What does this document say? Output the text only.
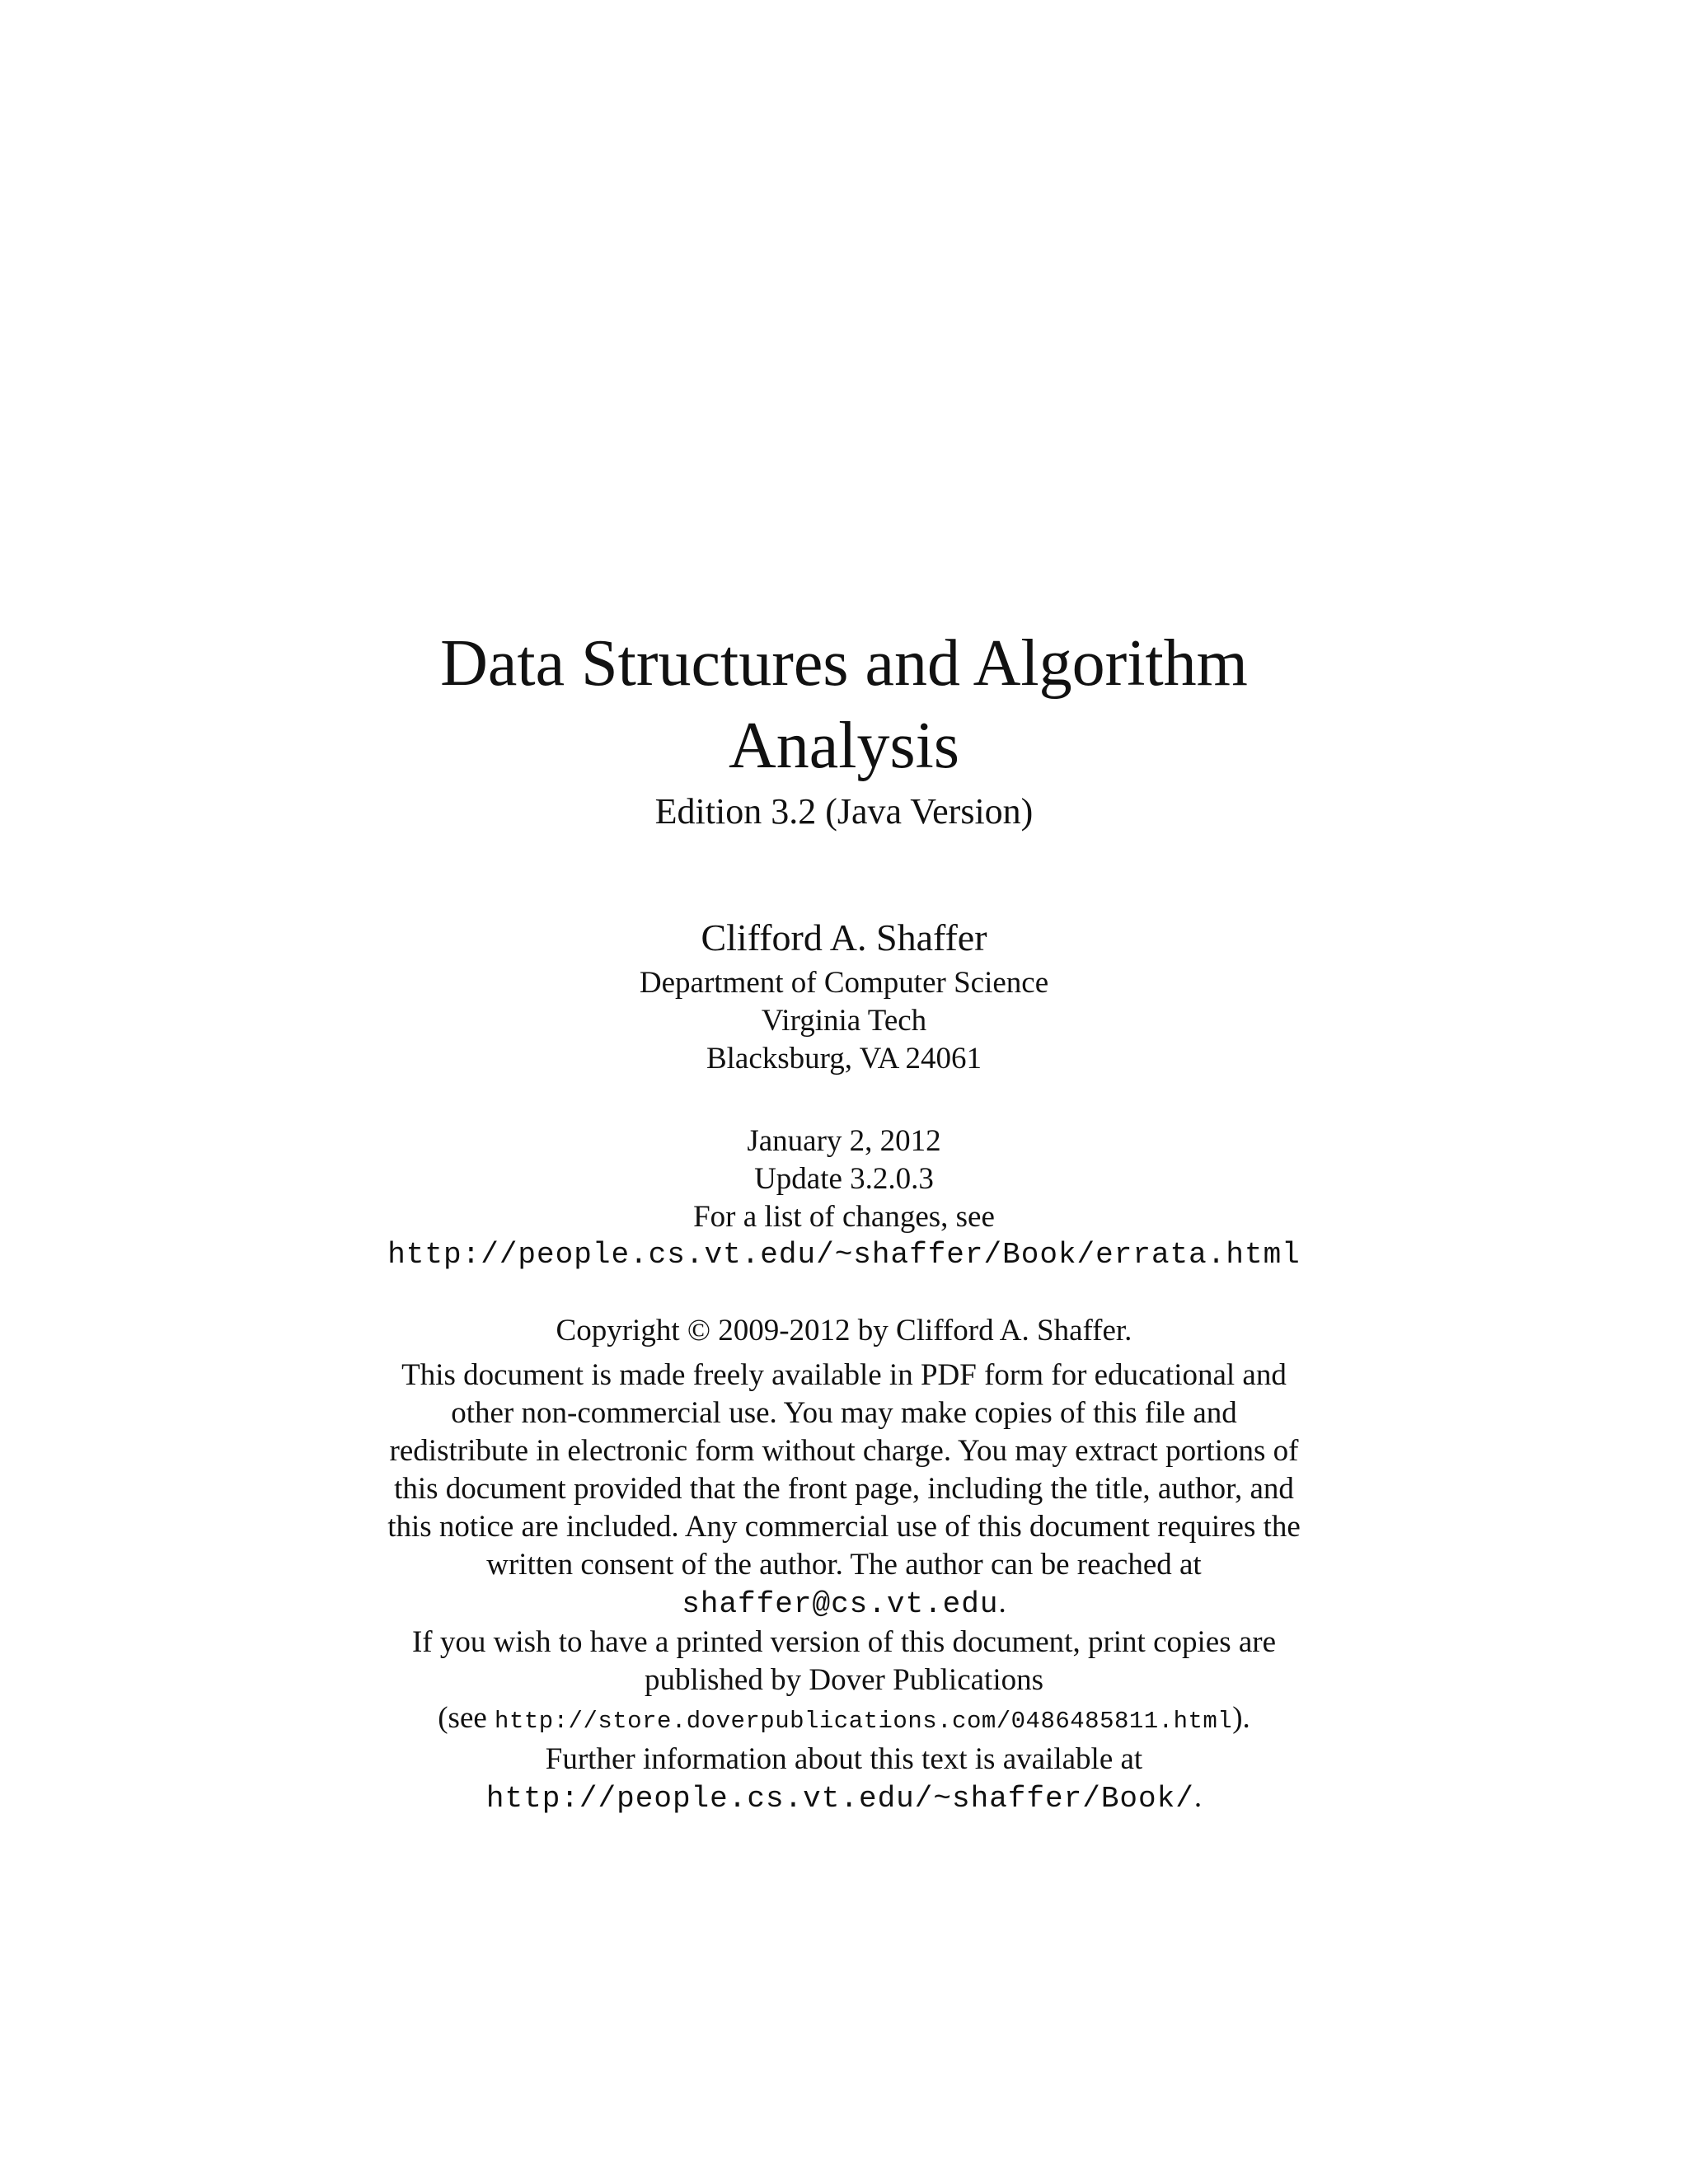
Data Structures and Algorithm
Analysis
Edition 3.2 (Java Version)
Clifford A. Shaffer
Department of Computer Science
Virginia Tech
Blacksburg, VA 24061
January 2, 2012
Update 3.2.0.3
For a list of changes, see
http://people.cs.vt.edu/~shaffer/Book/errata.html
Copyright © 2009-2012 by Clifford A. Shaffer.
This document is made freely available in PDF form for educational and
other non-commercial use. You may make copies of this file and
redistribute in electronic form without charge. You may extract portions of
this document provided that the front page, including the title, author, and
this notice are included. Any commercial use of this document requires the
written consent of the author. The author can be reached at
shaffer@cs.vt.edu.
If you wish to have a printed version of this document, print copies are
published by Dover Publications
(see http://store.doverpublications.com/0486485811.html).
Further information about this text is available at
http://people.cs.vt.edu/~shaffer/Book/.
